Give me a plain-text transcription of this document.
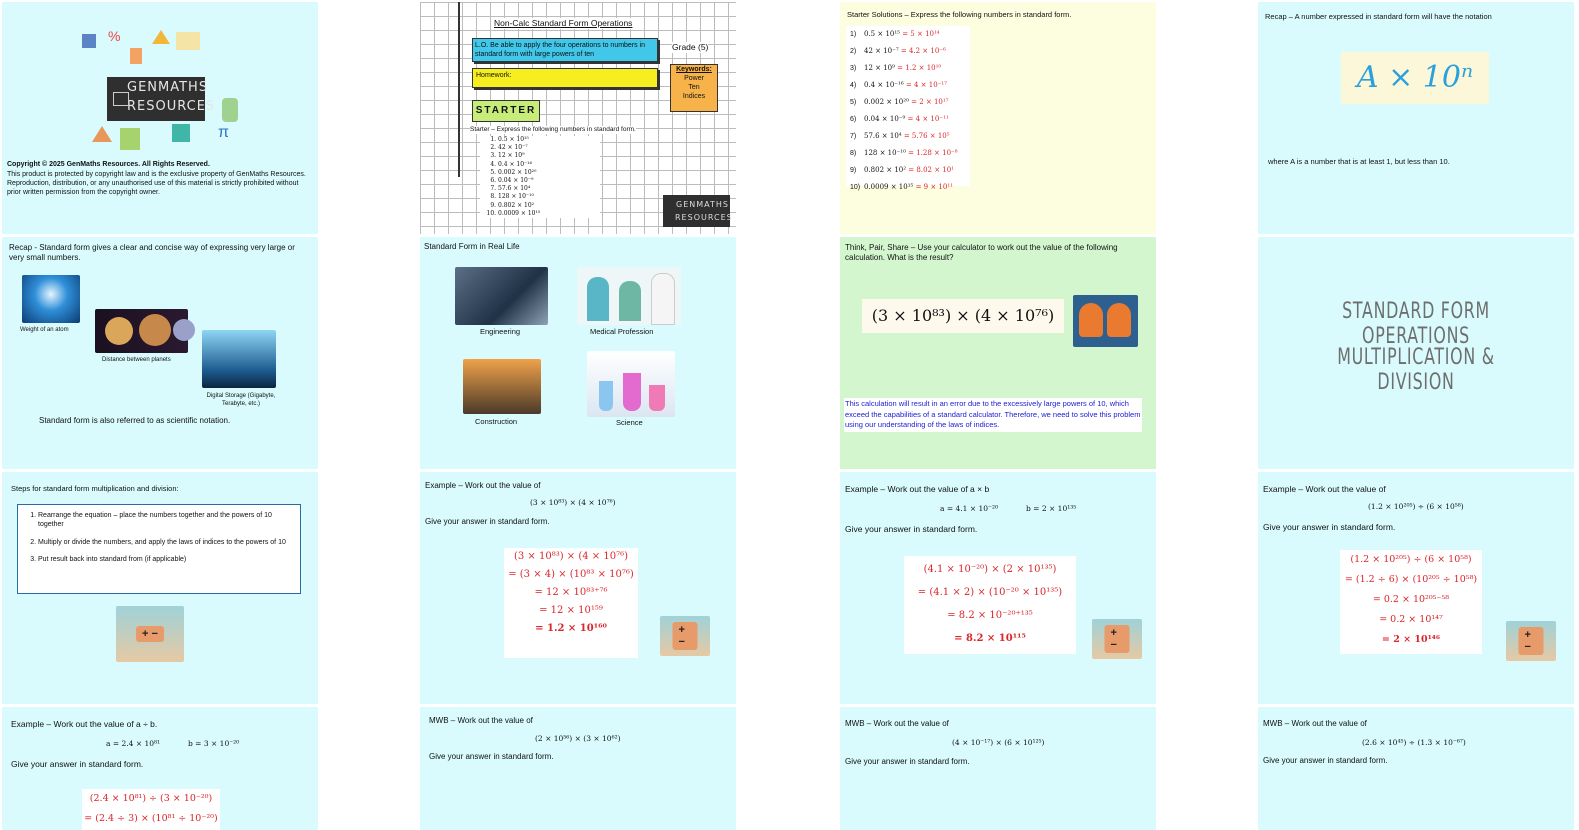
%
π
GENMATHS
RESOURCES
Copyright © 2025 GenMaths Resources. All Rights Reserved.
This product is protected by copyright law and is the exclusive property of GenMaths Resources. Reproduction, distribution, or any unauthorised use of this material is strictly prohibited without prior written permission from the copyright owner.
Non-Calc Standard Form Operations
L.O. Be able to apply the four operations to numbers in standard form with large powers of ten
Grade (5)
Homework:
Keywords:
Power
Ten
Indices
STARTER
Starter – Express the following numbers in standard form.
1. 0.5 × 10¹⁵
2. 42 × 10⁻⁷
3. 12 × 10⁹
4. 0.4 × 10⁻¹⁶
5. 0.002 × 10²⁰
6. 0.04 × 10⁻⁹
7. 57.6 × 10⁴
8. 128 × 10⁻¹⁰
9. 0.802 × 10²
10. 0.0009 × 10¹⁵
GENMATHS
RESOURCES
Starter Solutions – Express the following numbers in standard form.
1) 0.5 × 10¹⁵ = 5 × 10¹⁴
2) 42 × 10⁻⁷ = 4.2 × 10⁻⁶
3) 12 × 10⁹ = 1.2 × 10¹⁰
4) 0.4 × 10⁻¹⁶ = 4 × 10⁻¹⁷
5) 0.002 × 10²⁰ = 2 × 10¹⁷
6) 0.04 × 10⁻⁹ = 4 × 10⁻¹¹
7) 57.6 × 10⁴ = 5.76 × 10⁵
8) 128 × 10⁻¹⁰ = 1.28 × 10⁻⁸
9) 0.802 × 10² = 8.02 × 10¹
10) 0.0009 × 10¹⁵ = 9 × 10¹¹
Recap – A number expressed in standard form will have the notation
A × 10ⁿ
where A is a number that is at least 1, but less than 10.
Recap - Standard form gives a clear and concise way of expressing very large or very small numbers.
Weight of an atom
Distance between planets
Digital Storage (Gigabyte, Terabyte, etc.)
Standard form is also referred to as scientific notation.
Standard Form in Real Life
Engineering	Medical Profession
Construction	Science
Think, Pair, Share – Use your calculator to work out the value of the following calculation. What is the result?
(3 × 10⁸³) × (4 × 10⁷⁶)
This calculation will result in an error due to the excessively large powers of 10, which exceed the capabilities of a standard calculator. Therefore, we need to solve this problem using our understanding of the laws of indices.
STANDARD FORM OPERATIONS
MULTIPLICATION & DIVISION
Steps for standard form multiplication and division:
1. Rearrange the equation – place the numbers together and the powers of 10 together
2. Multiply or divide the numbers, and apply the laws of indices to the powers of 10
3. Put result back into standard from (if applicable)
+ −
Example – Work out the value of
(3 × 10⁸³) × (4 × 10⁷⁶)
Give your answer in standard form.
(3 × 10⁸³) × (4 × 10⁷⁶)
= (3 × 4) × (10⁸³ × 10⁷⁶)
= 12 × 10⁸³⁺⁷⁶
= 12 × 10¹⁵⁹
= 1.2 × 10¹⁶⁰	+ −
Example – Work out the value of a × b
a = 4.1 × 10⁻²⁰	b = 2 × 10¹³⁵
Give your answer in standard form.
(4.1 × 10⁻²⁰) × (2 × 10¹³⁵)
= (4.1 × 2) × (10⁻²⁰ × 10¹³⁵)
= 8.2 × 10⁻²⁰⁺¹³⁵
= 8.2 × 10¹¹⁵	+ −
Example – Work out the value of
(1.2 × 10²⁰⁵) ÷ (6 × 10⁵⁸)
Give your answer in standard form.
(1.2 × 10²⁰⁵) ÷ (6 × 10⁵⁸)
= (1.2 ÷ 6) × (10²⁰⁵ ÷ 10⁵⁸)
= 0.2 × 10²⁰⁵⁻⁵⁸
= 0.2 × 10¹⁴⁷
= 2 × 10¹⁴⁶	+ −
Example – Work out the value of a ÷ b.
a = 2.4 × 10⁸¹	b = 3 × 10⁻²⁰
Give your answer in standard form.
(2.4 × 10⁸¹) ÷ (3 × 10⁻²⁰)
= (2.4 ÷ 3) × (10⁸¹ ÷ 10⁻²⁰)
MWB – Work out the value of
(2 × 10⁵⁶) × (3 × 10⁶²)
Give your answer in standard form.
MWB – Work out the value of
(4 × 10⁻¹⁷) × (6 × 10¹²⁵)
Give your answer in standard form.
MWB – Work out the value of
(2.6 × 10⁴⁵) ÷ (1.3 × 10⁻⁶⁷)
Give your answer in standard form.
